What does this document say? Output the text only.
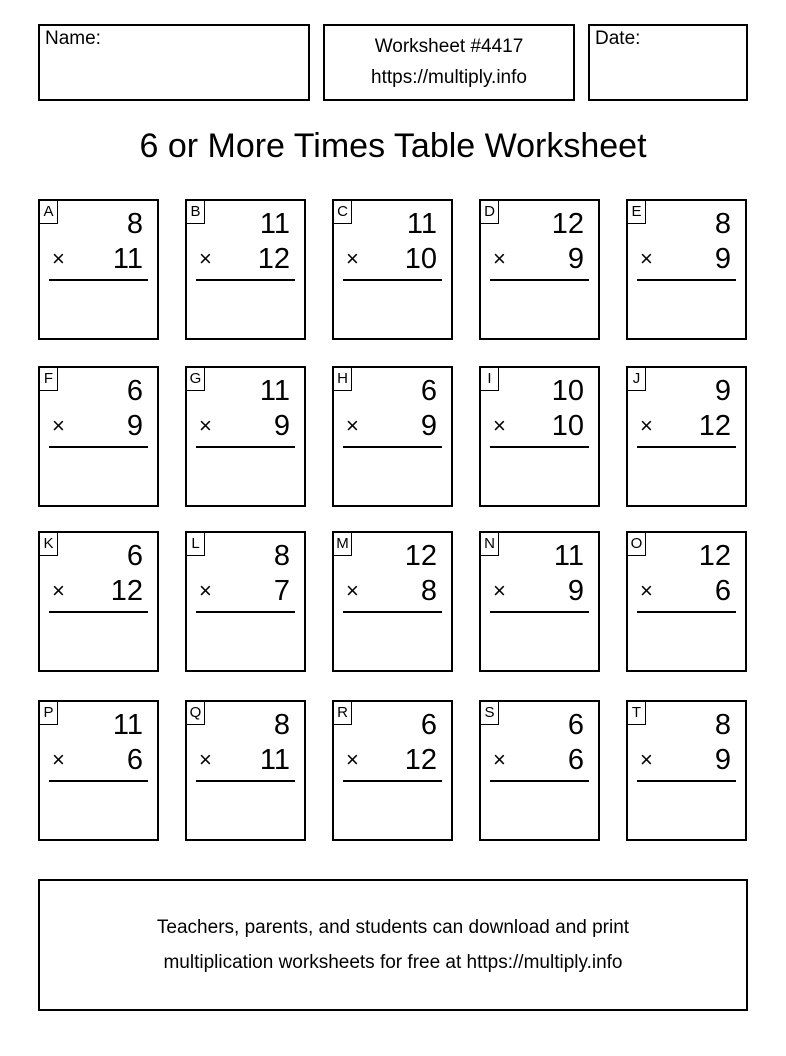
Name:	Worksheet #4417
https://multiply.info
Date:
6 or More Times Table Worksheet
A	8
× 11
B 11
× 12
C 11
× 10
D 12
× 9
E	8
× 9
F	6
× 9
G 11
× 9
H	6
× 9
I 10
× 10
J	9
× 12
K	6
× 12
L	8
× 7
M 12
× 8
N 11
× 9
O 12
× 6
P 11
× 6
Q	8
× 11
R	6
× 12
S	6
× 6
T	8
× 9
Teachers, parents, and students can download and print
multiplication worksheets for free at https://multiply.info
